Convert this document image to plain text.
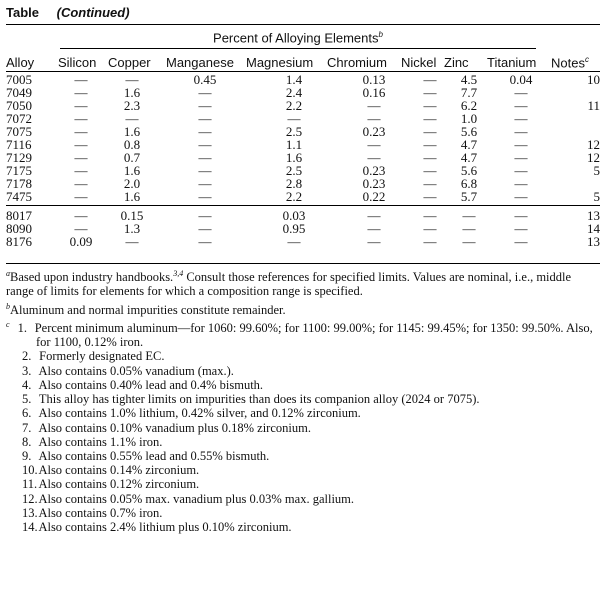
Table (Continued)
Percent of Alloying Elements$^b$
Alloy Silicon Copper Manganese Magnesium Chromium Nickel Zinc Titanium Notes$^c$
7005	—	—	0.45	1.4	0.13	—	4.5	0.04	10
7049	—	1.6	—	2.4	0.16	—	7.7	—	
7050	—	2.3	—	2.2	—	—	6.2	—	11
7072	—	—	—	—	—	—	1.0	—	
7075	—	1.6	—	2.5	0.23	—	5.6	—	
7116	—	0.8	—	1.1	—	—	4.7	—	12
7129	—	0.7	—	1.6	—	—	4.7	—	12
7175	—	1.6	—	2.5	0.23	—	5.6	—	5
7178	—	2.0	—	2.8	0.23	—	6.8	—	
7475	—	1.6	—	2.2	0.22	—	5.7	—	5
8017	—	0.15	—	0.03	—	—	—	—	13
8090	—	1.3	—	0.95	—	—	—	—	14
8176	0.09	—	—	—	—	—	—	—	13

$^a$Based upon industry handbooks.$^{3,4}$ Consult those references for specified limits. Values are nominal, i.e., middle range of limits for elements for which a composition range is specified.

$^b$Aluminum and normal impurities constitute remainder.

$^c$ 1. Percent minimum aluminum—for 1060: 99.60%; for 1100: 99.00%; for 1145: 99.45%; for 1350: 99.50%. Also, for 1100, 0.12% iron.
2. Formerly designated EC.
3. Also contains 0.05% vanadium (max.).
4. Also contains 0.40% lead and 0.4% bismuth.
5. This alloy has tighter limits on impurities than does its companion alloy (2024 or 7075).
6. Also contains 1.0% lithium, 0.42% silver, and 0.12% zirconium.
7. Also contains 0.10% vanadium plus 0.18% zirconium.
8. Also contains 1.1% iron.
9. Also contains 0.55% lead and 0.55% bismuth.
10. Also contains 0.14% zirconium.
11. Also contains 0.12% zirconium.
12. Also contains 0.05% max. vanadium plus 0.03% max. gallium.
13. Also contains 0.7% iron.
14. Also contains 2.4% lithium plus 0.10% zirconium.
